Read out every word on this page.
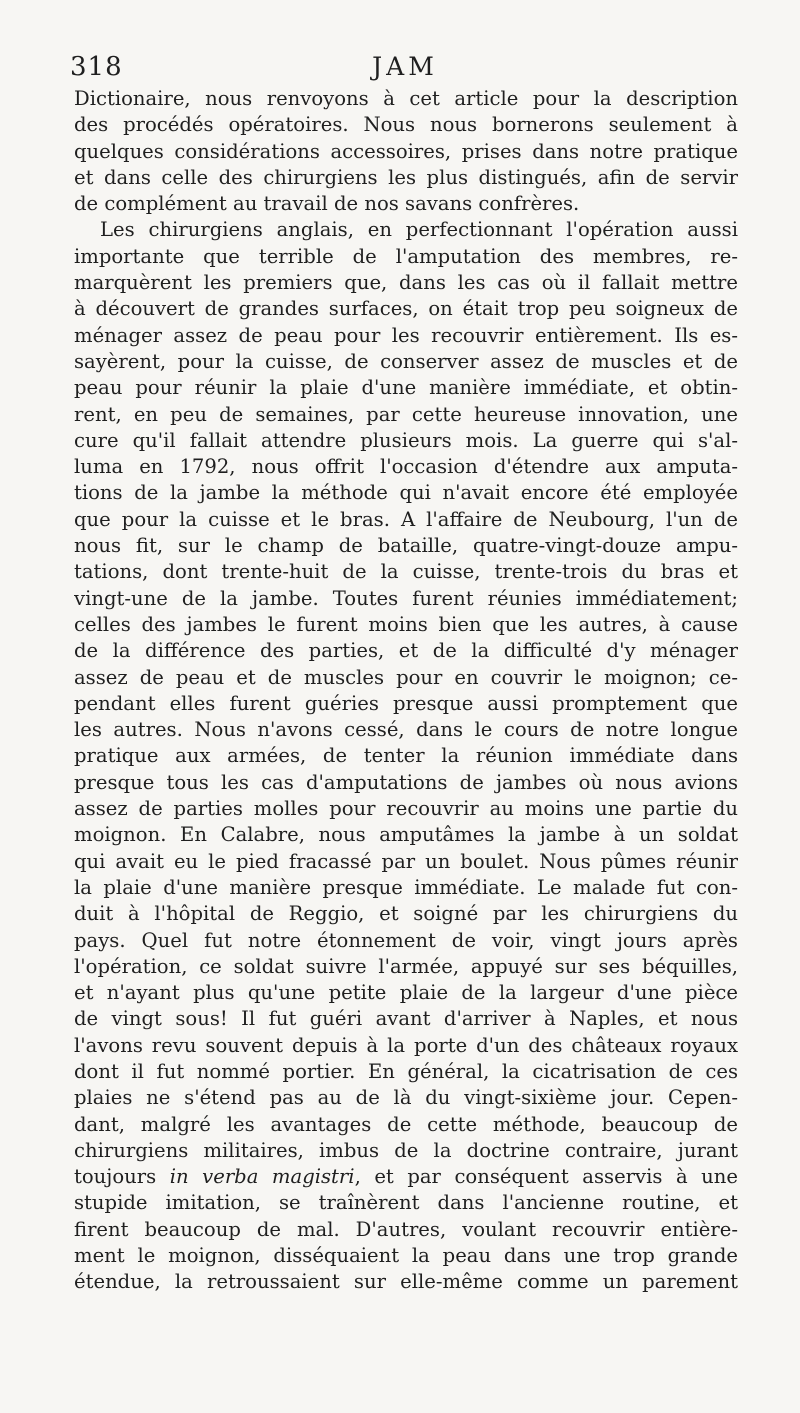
318	JAM
Dictionaire, nous renvoyons à cet article pour la description
des procédés opératoires. Nous nous bornerons seulement à
quelques considérations accessoires, prises dans notre pratique
et dans celle des chirurgiens les plus distingués, afin de servir
de complément au travail de nos savans confrères.
Les chirurgiens anglais, en perfectionnant l'opération aussi
importante que terrible de l'amputation des membres, re-
marquèrent les premiers que, dans les cas où il fallait mettre
à découvert de grandes surfaces, on était trop peu soigneux de
ménager assez de peau pour les recouvrir entièrement. Ils es-
sayèrent, pour la cuisse, de conserver assez de muscles et de
peau pour réunir la plaie d'une manière immédiate, et obtin-
rent, en peu de semaines, par cette heureuse innovation, une
cure qu'il fallait attendre plusieurs mois. La guerre qui s'al-
luma en 1792, nous offrit l'occasion d'étendre aux amputa-
tions de la jambe la méthode qui n'avait encore été employée
que pour la cuisse et le bras. A l'affaire de Neubourg, l'un de
nous fit, sur le champ de bataille, quatre-vingt-douze ampu-
tations, dont trente-huit de la cuisse, trente-trois du bras et
vingt-une de la jambe. Toutes furent réunies immédiatement;
celles des jambes le furent moins bien que les autres, à cause
de la différence des parties, et de la difficulté d'y ménager
assez de peau et de muscles pour en couvrir le moignon; ce-
pendant elles furent guéries presque aussi promptement que
les autres. Nous n'avons cessé, dans le cours de notre longue
pratique aux armées, de tenter la réunion immédiate dans
presque tous les cas d'amputations de jambes où nous avions
assez de parties molles pour recouvrir au moins une partie du
moignon. En Calabre, nous amputâmes la jambe à un soldat
qui avait eu le pied fracassé par un boulet. Nous pûmes réunir
la plaie d'une manière presque immédiate. Le malade fut con-
duit à l'hôpital de Reggio, et soigné par les chirurgiens du
pays. Quel fut notre étonnement de voir, vingt jours après
l'opération, ce soldat suivre l'armée, appuyé sur ses béquilles,
et n'ayant plus qu'une petite plaie de la largeur d'une pièce
de vingt sous! Il fut guéri avant d'arriver à Naples, et nous
l'avons revu souvent depuis à la porte d'un des châteaux royaux
dont il fut nommé portier. En général, la cicatrisation de ces
plaies ne s'étend pas au de là du vingt-sixième jour. Cepen-
dant, malgré les avantages de cette méthode, beaucoup de
chirurgiens militaires, imbus de la doctrine contraire, jurant
toujours in verba magistri, et par conséquent asservis à une
stupide imitation, se traînèrent dans l'ancienne routine, et
firent beaucoup de mal. D'autres, voulant recouvrir entière-
ment le moignon, disséquaient la peau dans une trop grande
étendue, la retroussaient sur elle-même comme un parement
